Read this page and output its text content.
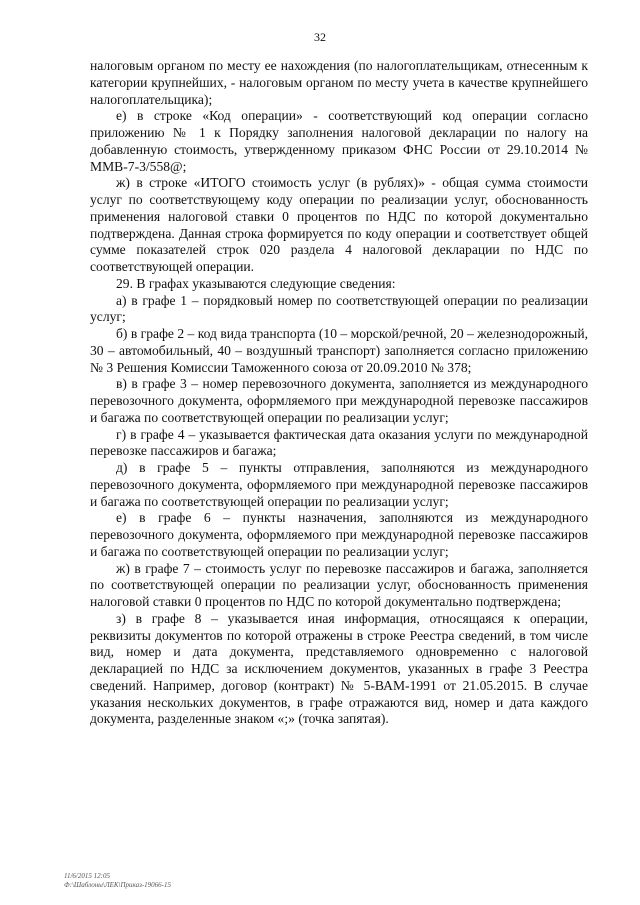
32

налоговым органом по месту ее нахождения (по налогоплательщикам, отнесенным к категории крупнейших, - налоговым органом по месту учета в качестве крупнейшего налогоплательщика);

е) в строке «Код операции» - соответствующий код операции согласно приложению № 1 к Порядку заполнения налоговой декларации по налогу на добавленную стоимость, утвержденному приказом ФНС России от 29.10.2014 № ММВ-7-3/558@;

ж) в строке «ИТОГО стоимость услуг (в рублях)» - общая сумма стоимости услуг по соответствующему коду операции по реализации услуг, обоснованность применения налоговой ставки 0 процентов по НДС по которой документально подтверждена. Данная строка формируется по коду операции и соответствует общей сумме показателей строк 020 раздела 4 налоговой декларации по НДС по соответствующей операции.

29. В графах указываются следующие сведения:

а) в графе 1 – порядковый номер по соответствующей операции по реализации услуг;

б) в графе 2 – код вида транспорта (10 – морской/речной, 20 – железнодорожный, 30 – автомобильный, 40 – воздушный транспорт) заполняется согласно приложению № 3 Решения Комиссии Таможенного союза от 20.09.2010 № 378;

в) в графе 3 – номер перевозочного документа, заполняется из международного перевозочного документа, оформляемого при международной перевозке пассажиров и багажа по соответствующей операции по реализации услуг;

г) в графе 4 – указывается фактическая дата оказания услуги по международной перевозке пассажиров и багажа;

д) в графе 5 – пункты отправления, заполняются из международного перевозочного документа, оформляемого при международной перевозке пассажиров и багажа по соответствующей операции по реализации услуг;

е) в графе 6 – пункты назначения, заполняются из международного перевозочного документа, оформляемого при международной перевозке пассажиров и багажа по соответствующей операции по реализации услуг;

ж) в графе 7 – стоимость услуг по перевозке пассажиров и багажа, заполняется по соответствующей операции по реализации услуг, обоснованность применения налоговой ставки 0 процентов по НДС по которой документально подтверждена;

з) в графе 8 – указывается иная информация, относящаяся к операции, реквизиты документов по которой отражены в строке Реестра сведений, в том числе вид, номер и дата документа, представляемого одновременно с налоговой декларацией по НДС за исключением документов, указанных в графе 3 Реестра сведений. Например, договор (контракт) № 5-ВАМ-1991 от 21.05.2015. В случае указания нескольких документов, в графе отражаются вид, номер и дата каждого документа, разделенные знаком «;» (точка запятая).

11/6/2015 12:05
Ф:\Шаблоны\ЛЕК\Приказ-19066-15
